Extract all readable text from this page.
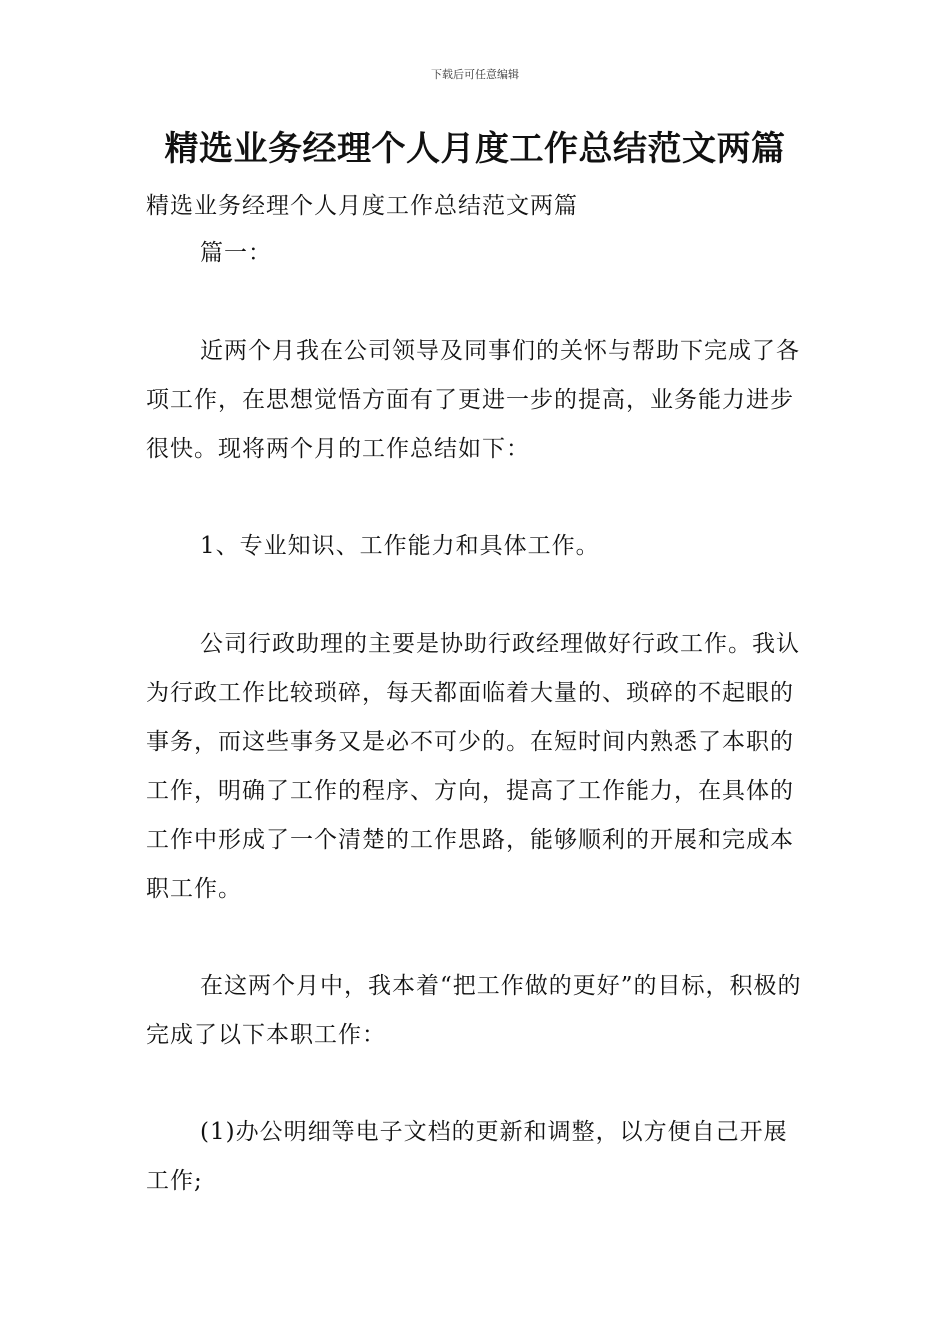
下载后可任意编辑
精选业务经理个人月度工作总结范文两篇

精选业务经理个人月度工作总结范文两篇

篇一：

近两个月我在公司领导及同事们的关怀与帮助下完成了各项工作，在思想觉悟方面有了更进一步的提高，业务能力进步很快。现将两个月的工作总结如下：

1、专业知识、工作能力和具体工作。

公司行政助理的主要是协助行政经理做好行政工作。我认为行政工作比较琐碎，每天都面临着大量的、琐碎的不起眼的事务，而这些事务又是必不可少的。在短时间内熟悉了本职的工作，明确了工作的程序、方向，提高了工作能力，在具体的工作中形成了一个清楚的工作思路，能够顺利的开展和完成本职工作。

在这两个月中，我本着“把工作做的更好”的目标，积极的完成了以下本职工作：

(1)办公明细等电子文档的更新和调整，以方便自己开展工作;
